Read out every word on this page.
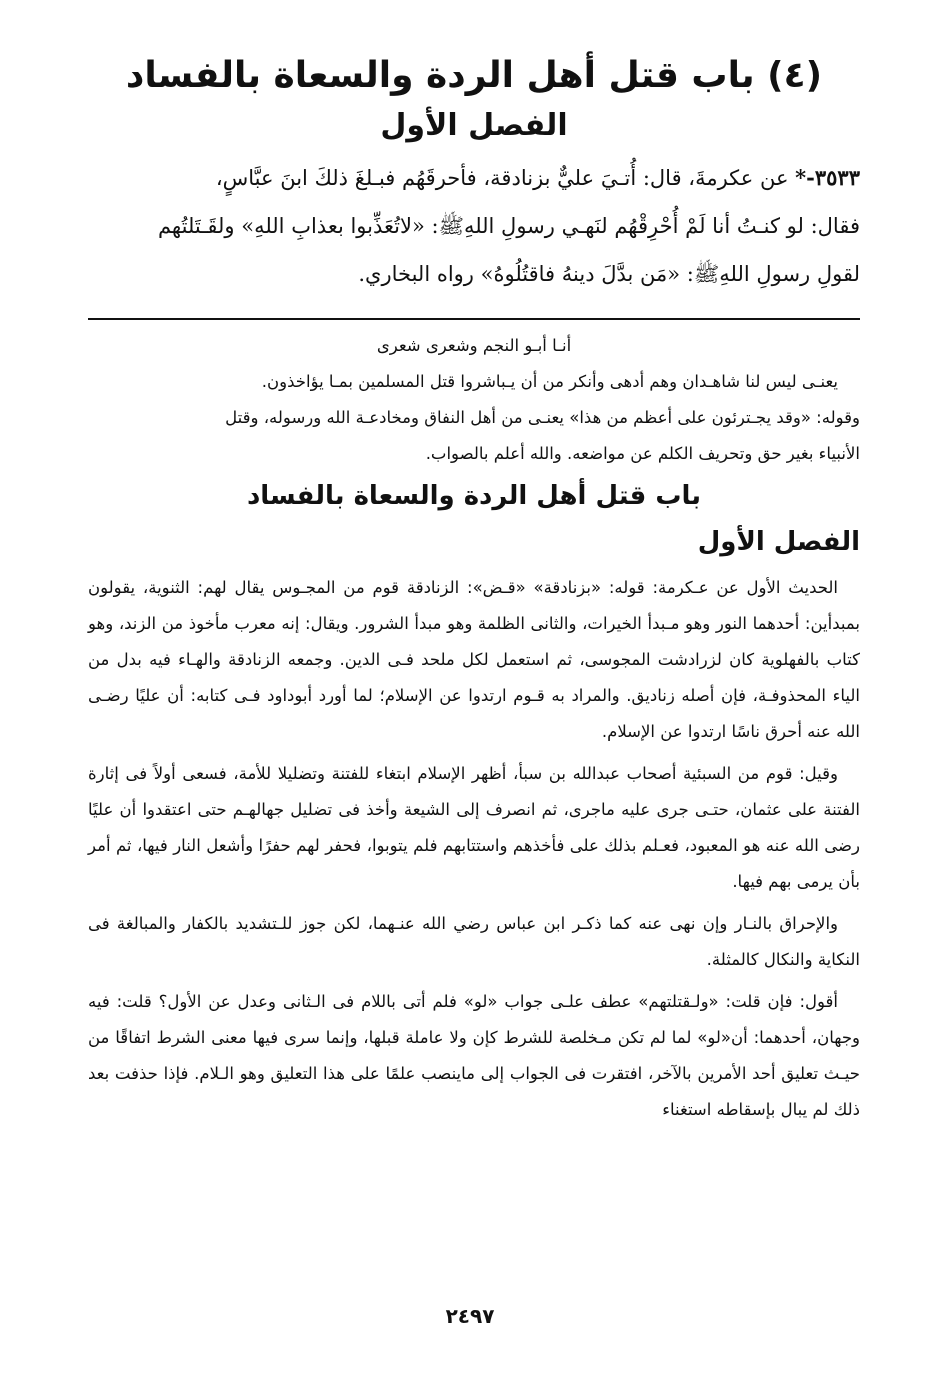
(٤) باب قتل أهل الردة والسعاة بالفساد
الفصل الأول

٣٥٣٣-* عن عكرمةَ، قال: أُتـيَ عليٌّ بزنادقة، فأحرقَهُم فبـلغَ ذلكَ ابنَ عبَّاسٍ،

فقال: لو كنـتُ أنا لَمْ أُحْرِقْهُم لنَهـي رسولِ اللهِﷺ: «لاتُعَذِّبوا بعذابِ اللهِ» ولقَـتَلتُهم

لقولِ رسولِ اللهِﷺ: «مَن بدَّلَ دينهُ فاقتُلُوهُ» رواه البخاري.

أنـا أبـو النجم وشعرى شعرى

يعنـى ليس لنا شاهـدان وهم أدهى وأنكر من أن يـباشروا قتل المسلمين بمـا يؤاخذون.

وقوله: «وقد يجـترئون على أعظم من هذا» يعنـى من أهل النفاق ومخادعـة الله ورسوله، وقتل

الأنبياء بغير حق وتحريف الكلم عن مواضعه. والله أعلم بالصواب.

باب قتل أهل الردة والسعاة بالفساد
الفصل الأول

الحديث الأول عن عـكرمة: قوله: «بزنادقة» «قـض»: الزنادقة قوم من المجـوس يقال لهم: الثنوية، يقولون بمبدأين: أحدهما النور وهو مـبدأ الخيرات، والثانى الظلمة وهو مبدأ الشرور. ويقال: إنه معرب مأخوذ من الزند، وهو كتاب بالفهلوية كان لزرادشت المجوسى، ثم استعمل لكل ملحد فـى الدين. وجمعه الزنادقة والهـاء فيه بدل من الياء المحذوفـة، فإن أصله زناديق. والمراد به قـوم ارتدوا عن الإسلام؛ لما أورد أبوداود فـى كتابه: أن عليًا رضـى الله عنه أحرق ناسًا ارتدوا عن الإسلام.

وقيل: قوم من السبئية أصحاب عبدالله بن سبأ، أظهر الإسلام ابتغاء للفتنة وتضليلا للأمة، فسعى أولاً فى إثارة الفتنة على عثمان، حتـى جرى عليه ماجرى، ثم انصرف إلى الشيعة وأخذ فى تضليل جهالهـم حتى اعتقدوا أن عليًا رضى الله عنه هو المعبود، فعـلم بذلك على فأخذهم واستتابهم فلم يتوبوا، فحفر لهم حفرًا وأشعل النار فيها، ثم أمر بأن يرمى بهم فيها.

والإحراق بالنـار وإن نهى عنه كما ذكـر ابن عباس رضي الله عنـهما، لكن جوز للـتشديد بالكفار والمبالغة فى النكاية والنكال كالمثلة.

أقول: فإن قلت: «ولـقتلتهم» عطف علـى جواب «لو» فلم أتى باللام فى الـثانى وعدل عن الأول؟ قلت: فيه وجهان، أحدهما: أن«لو» لما لم تكن مـخلصة للشرط كإن ولا عاملة قبلها، وإنما سرى فيها معنى الشرط اتفاقًا من حيـث تعليق أحد الأمرين بالآخر، افتقرت فى الجواب إلى ماينصب علمًا على هذا التعليق وهو الـلام. فإذا حذفت بعد ذلك لم يبال بإسقاطه استغناء

٢٤٩٧
